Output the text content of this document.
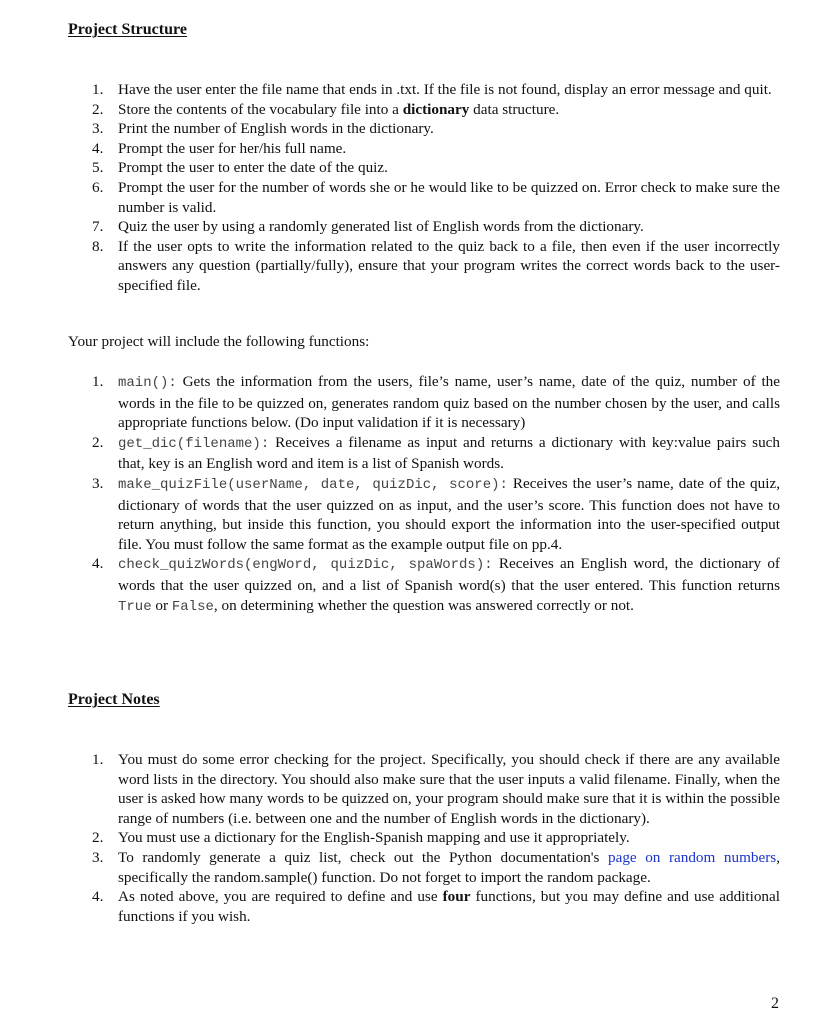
Project Structure
1. Have the user enter the file name that ends in .txt. If the file is not found, display an error message and quit.
2. Store the contents of the vocabulary file into a dictionary data structure.
3. Print the number of English words in the dictionary.
4. Prompt the user for her/his full name.
5. Prompt the user to enter the date of the quiz.
6. Prompt the user for the number of words she or he would like to be quizzed on. Error check to make sure the number is valid.
7. Quiz the user by using a randomly generated list of English words from the dictionary.
8. If the user opts to write the information related to the quiz back to a file, then even if the user incorrectly answers any question (partially/fully), ensure that your program writes the correct words back to the user-specified file.
Your project will include the following functions:
1. main(): Gets the information from the users, file’s name, user’s name, date of the quiz, number of the words in the file to be quizzed on, generates random quiz based on the number chosen by the user, and calls appropriate functions below. (Do input validation if it is necessary)
2. get_dic(filename): Receives a filename as input and returns a dictionary with key:value pairs such that, key is an English word and item is a list of Spanish words.
3. make_quizFile(userName, date, quizDic, score): Receives the user’s name, date of the quiz, dictionary of words that the user quizzed on as input, and the user’s score. This function does not have to return anything, but inside this function, you should export the information into the user-specified output file. You must follow the same format as the example output file on pp.4.
4. check_quizWords(engWord, quizDic, spaWords): Receives an English word, the dictionary of words that the user quizzed on, and a list of Spanish word(s) that the user entered. This function returns True or False, on determining whether the question was answered correctly or not.
Project Notes
1. You must do some error checking for the project. Specifically, you should check if there are any available word lists in the directory. You should also make sure that the user inputs a valid filename. Finally, when the user is asked how many words to be quizzed on, your program should make sure that it is within the possible range of numbers (i.e. between one and the number of English words in the dictionary).
2. You must use a dictionary for the English-Spanish mapping and use it appropriately.
3. To randomly generate a quiz list, check out the Python documentation's page on random numbers, specifically the random.sample() function. Do not forget to import the random package.
4. As noted above, you are required to define and use four functions, but you may define and use additional functions if you wish.
2
